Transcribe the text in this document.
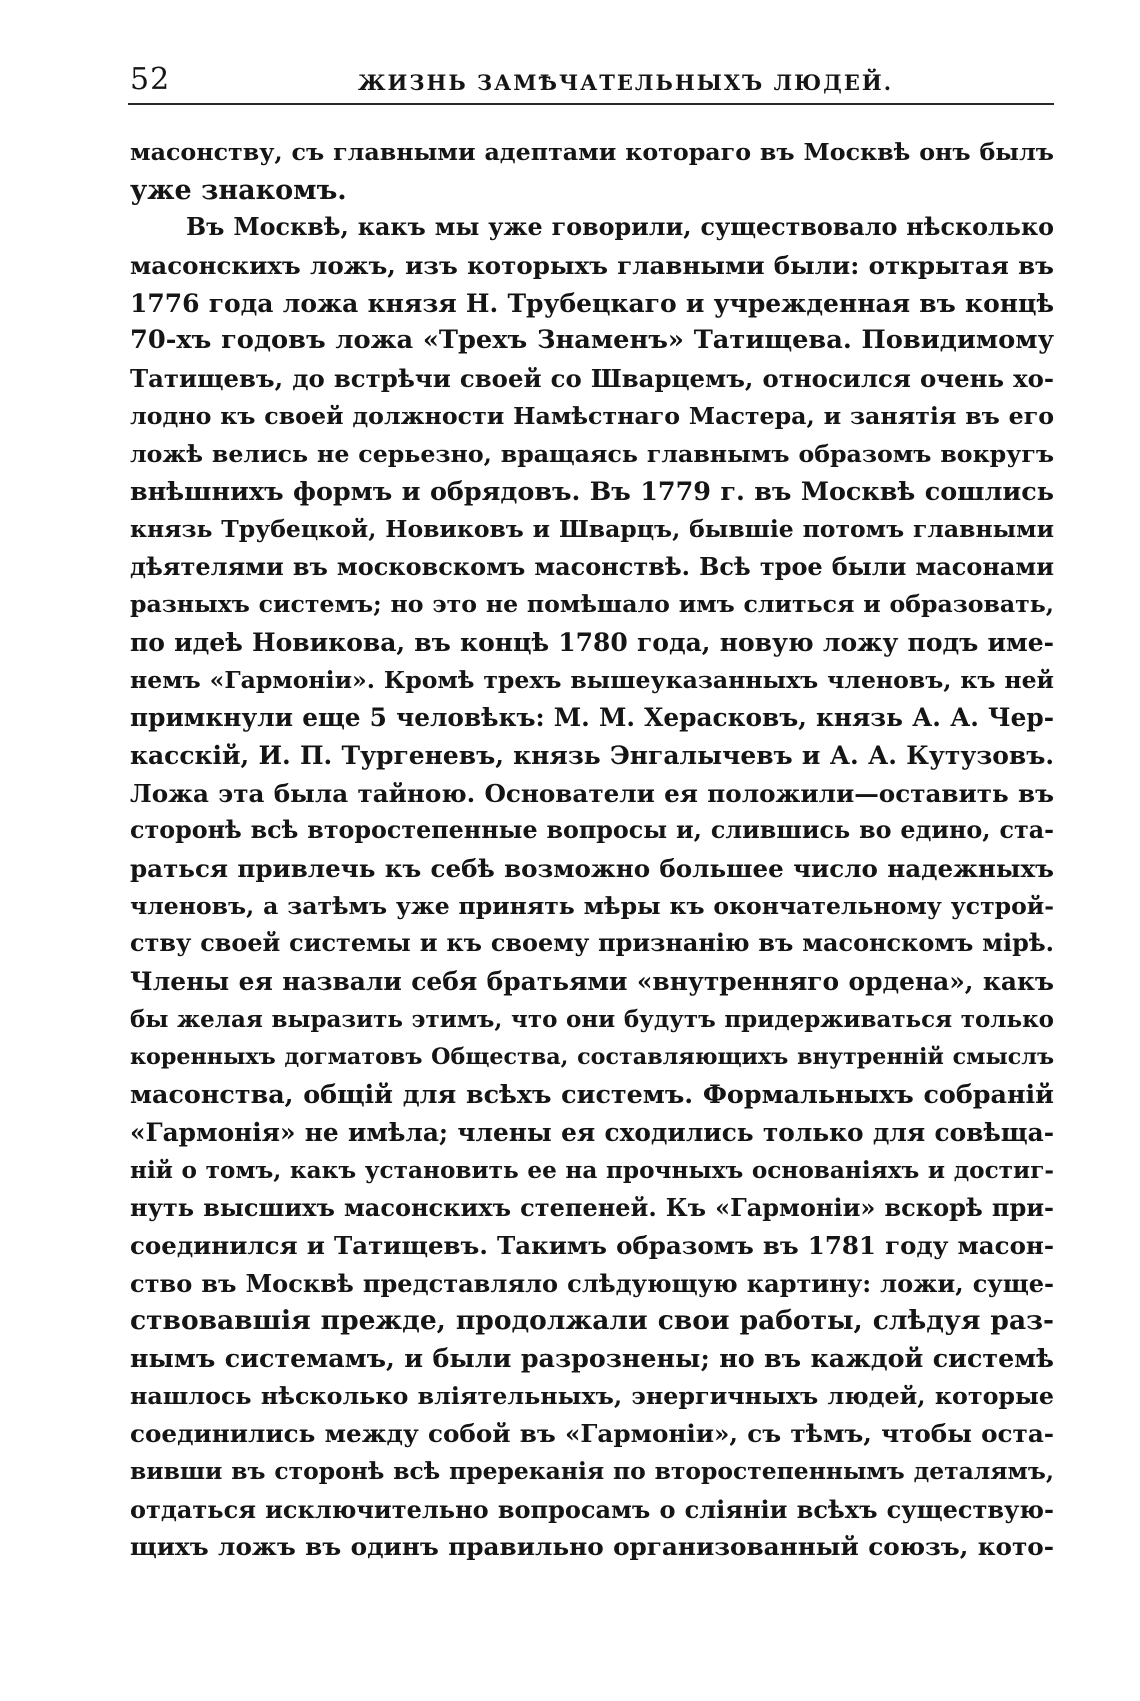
52	ЖИЗНЬ ЗАМѢЧАТЕЛЬНЫХЪ ЛЮДЕЙ.
масонству, съ главными адептами котораго въ Москвѣ онъ былъ
уже знакомъ.
Въ Москвѣ, какъ мы уже говорили, существовало нѣсколько
масонскихъ ложъ, изъ которыхъ главными были: открытая въ
1776 года ложа князя Н. Трубецкаго и учрежденная въ концѣ
70-хъ годовъ ложа «Трехъ Знаменъ» Татищева. Повидимому
Татищевъ, до встрѣчи своей со Шварцемъ, относился очень хо-
лодно къ своей должности Намѣстнаго Мастера, и занятія въ его
ложѣ велись не серьезно, вращаясь главнымъ образомъ вокругъ
внѣшнихъ формъ и обрядовъ. Въ 1779 г. въ Москвѣ сошлись
князь Трубецкой, Новиковъ и Шварцъ, бывшіе потомъ главными
дѣятелями въ московскомъ масонствѣ. Всѣ трое были масонами
разныхъ системъ; но это не помѣшало имъ слиться и образовать,
по идеѣ Новикова, въ концѣ 1780 года, новую ложу подъ име-
немъ «Гармоніи». Кромѣ трехъ вышеуказанныхъ членовъ, къ ней
примкнули еще 5 человѣкъ: М. М. Херасковъ, князь А. А. Чер-
касскій, И. П. Тургеневъ, князь Энгалычевъ и А. А. Кутузовъ.
Ложа эта была тайною. Основатели ея положили—оставить въ
сторонѣ всѣ второстепенные вопросы и, слившись во едино, ста-
раться привлечь къ себѣ возможно большее число надежныхъ
членовъ, а затѣмъ уже принять мѣры къ окончательному устрой-
ству своей системы и къ своему признанію въ масонскомъ мірѣ.
Члены ея назвали себя братьями «внутренняго ордена», какъ
бы желая выразить этимъ, что они будутъ придерживаться только
коренныхъ догматовъ Общества, составляющихъ внутренній смыслъ
масонства, общій для всѣхъ системъ. Формальныхъ собраній
«Гармонія» не имѣла; члены ея сходились только для совѣща-
ній о томъ, какъ установить ее на прочныхъ основаніяхъ и достиг-
нуть высшихъ масонскихъ степеней. Къ «Гармоніи» вскорѣ при-
соединился и Татищевъ. Такимъ образомъ въ 1781 году масон-
ство въ Москвѣ представляло слѣдующую картину: ложи, суще-
ствовавшія прежде, продолжали свои работы, слѣдуя раз-
нымъ системамъ, и были разрознены; но въ каждой системѣ
нашлось нѣсколько вліятельныхъ, энергичныхъ людей, которые
соединились между собой въ «Гармоніи», съ тѣмъ, чтобы оста-
вивши въ сторонѣ всѣ пререканія по второстепеннымъ деталямъ,
отдаться исключительно вопросамъ о сліяніи всѣхъ существую-
щихъ ложъ въ одинъ правильно организованный союзъ, кото-
